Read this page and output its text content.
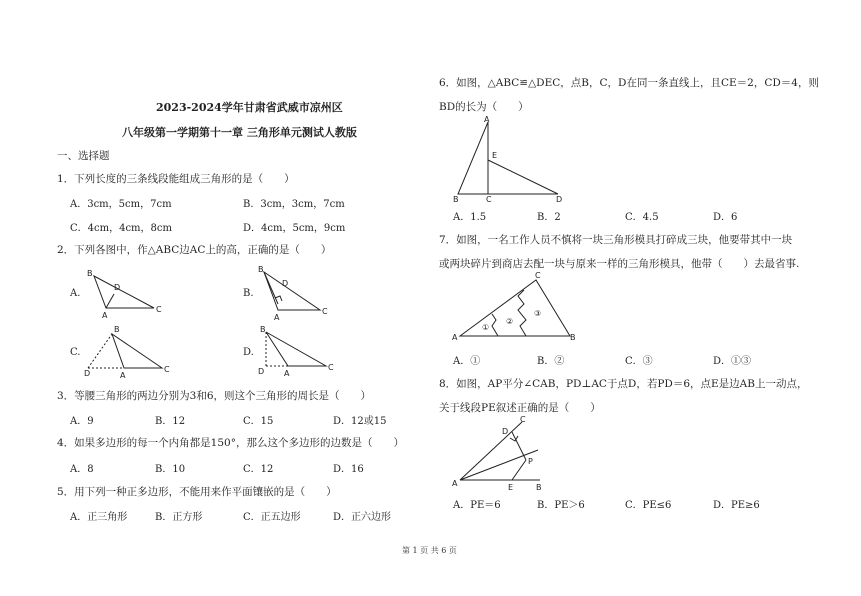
2023-2024学年甘肃省武威市凉州区
八年级第一学期第十一章 三角形单元测试人教版
一、选择题
1．下列长度的三条线段能组成三角形的是（　　）
A．3cm，5cm，7cm	B．3cm，3cm，7cm
C．4cm，4cm，8cm	D．4cm，5cm，9cm
2．下列各图中，作△ABC边AC上的高，正确的是（　　）
A.	B.
C.	D.
B
D
A
C
B
D
A
C
B
D	A
C
B
D A
C
3．等腰三角形的两边分别为3和6，则这个三角形的周长是（　　）
A．9	B．12	C．15	D．12或15
4．如果多边形的每一个内角都是150°，那么这个多边形的边数是（　　）
A．8	B．10	C．12	D．16
5．用下列一种正多边形，不能用来作平面镶嵌的是（　　）
A．正三角形	B．正方形	C．正五边形	D．正六边形
6．如图，△ABC≌△DEC，点B，C，D在同一条直线上，且CE＝2，CD＝4，则
BD的长为（　　）
A
E
B	C	D
A．1.5	B．2	C．4.5	D．6
7．如图，一名工作人员不慎将一块三角形模具打碎成三块，他要带其中一块
或两块碎片到商店去配一块与原来一样的三角形模具，他带（　　）去最省事.
A
C
B
①
②
③
A．①	B．②	C．③	D．①③
8．如图，AP平分∠CAB，PD⊥AC于点D，若PD＝6，点E是边AB上一动点，
关于线段PE叙述正确的是（　　）
A
D
C
P
E	B
A．PE＝6	B．PE＞6	C．PE≤6	D．PE≥6
第 1 页 共 6 页
